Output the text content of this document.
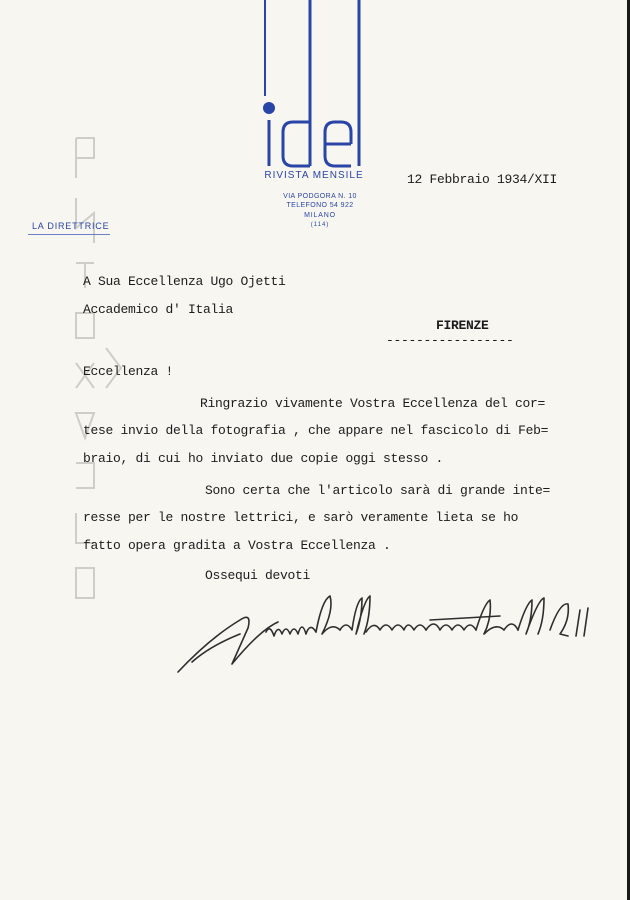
RIVISTA MENSILE
VIA PODGORA N. 10
TELEFONO 54 922
MILANO
(114)
LA DIRETTRICE
12 Febbraio 1934/XII
A Sua Eccellenza Ugo Ojetti
Accademico d' Italia
FIRENZE
-----------------
Eccellenza !
Ringrazio vivamente Vostra Eccellenza del cor=
tese invio della fotografia , che appare nel fascicolo di Feb=
braio, di cui ho inviato due copie oggi stesso .
Sono certa che l'articolo sarà di grande inte=
resse per le nostre lettrici, e sarò veramente lieta se ho
fatto opera gradita a Vostra Eccellenza .
Ossequi devoti
